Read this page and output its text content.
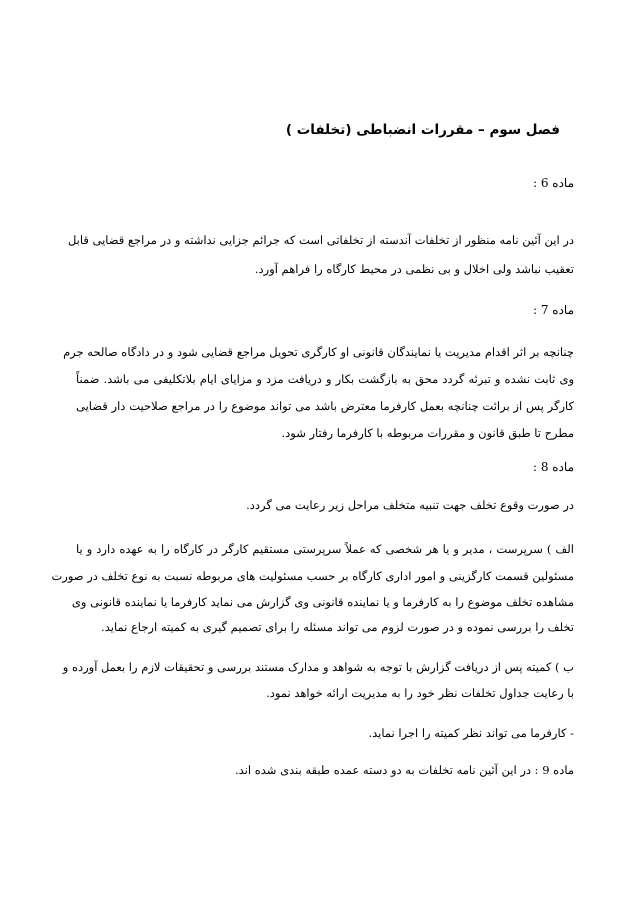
فصل سوم – مقررات انضباطی (تخلفات )
ماده 6 :
در این آئین نامه منظور از تخلفات آندسته از تخلفاتی است که جرائم جزایی نداشته و در مراجع قضایی قابل
تعقیب نباشد ولی اخلال و بی نظمی در محیط کارگاه را فراهم آورد.
ماده 7 :
چنانچه بر اثر اقدام مدیریت یا نمایندگان قانونی او کارگری تحویل مراجع قضایی شود و در دادگاه صالحه جرم
وی ثابت نشده و تبرئه گردد محق به بازگشت بکار و دریافت مزد و مزایای ایام بلاتکلیفی می باشد. ضمناً
کارگر پس از برائت چنانچه بعمل کارفرما معترض باشد می تواند موضوع را در مراجع صلاحیت دار قضایی
مطرح تا طبق قانون و مقررات مربوطه با کارفرما رفتار شود.
ماده 8 :
در صورت وقوع تخلف جهت تنبیه متخلف مراحل زیر رعایت می گردد.
الف ) سرپرست ، مدیر و یا هر شخصی که عملاً سرپرستی مستقیم کارگر در کارگاه را به عهده دارد و یا
مسئولین قسمت کارگزینی و امور اداری کارگاه بر حسب مسئولیت های مربوطه نسبت به نوع تخلف در صورت
مشاهده تخلف موضوع را به کارفرما و یا نماینده قانونی وی گزارش می نماید کارفرما یا نماینده قانونی وی
تخلف را بررسی نموده و در صورت لزوم می تواند مسئله را برای تصمیم گیری به کمیته ارجاع نماید.
ب ) کمیته پس از دریافت گزارش با توجه به شواهد و مدارک مستند بررسی و تحقیقات لازم را بعمل آورده و
با رعایت جداول تخلفات نظر خود را به مدیریت ارائه خواهد نمود.
- کارفرما می تواند نظر کمیته را اجرا نماید.
ماده 9 : در این آئین نامه تخلفات به دو دسته عمده طبقه بندی شده اند.
